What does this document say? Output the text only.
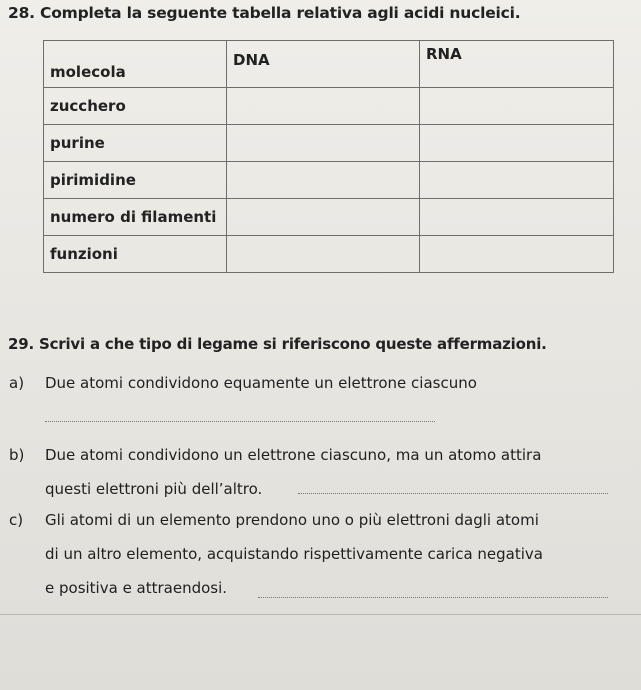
28. Completa la seguente tabella relativa agli acidi nucleici.
molecola	DNA	RNA
zucchero		
purine		
pirimidine		
numero di filamenti		
funzioni		
29. Scrivi a che tipo di legame si riferiscono queste affermazioni.
a) Due atomi condividono equamente un elettrone ciascuno
b) Due atomi condividono un elettrone ciascuno, ma un atomo attira
questi elettroni più dell’altro.
c) Gli atomi di un elemento prendono uno o più elettroni dagli atomi
di un altro elemento, acquistando rispettivamente carica negativa
e positiva e attraendosi.
